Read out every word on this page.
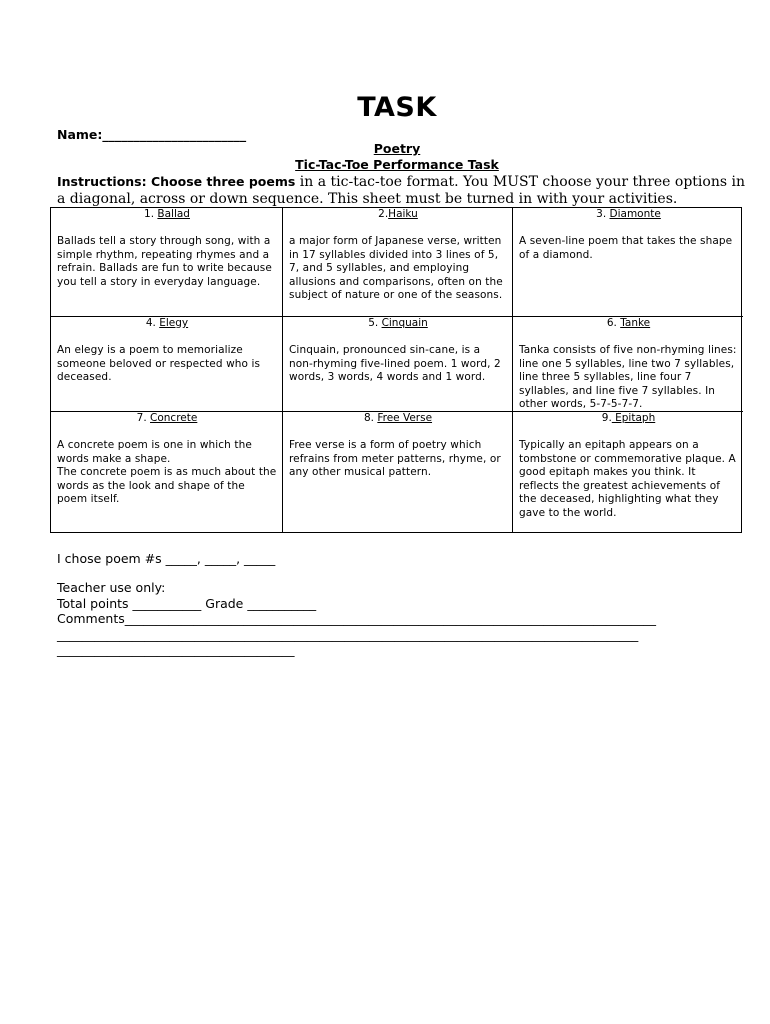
TASK
Name:_______________________
Poetry
Tic-Tac-Toe Performance Task
Instructions: Choose three poems in a tic-tac-toe format. You MUST choose your three options in a diagonal, across or down sequence. This sheet must be turned in with your activities.
1. Ballad
Ballads tell a story through song, with a simple rhythm, repeating rhymes and a refrain. Ballads are fun to write because you tell a story in everyday language.
2.Haiku
a major form of Japanese verse, written in 17 syllables divided into 3 lines of 5, 7, and 5 syllables, and employing allusions and comparisons, often on the subject of nature or one of the seasons.
3. Diamonte
A seven-line poem that takes the shape of a diamond.
4. Elegy
An elegy is a poem to memorialize someone beloved or respected who is deceased.
5. Cinquain
Cinquain, pronounced sin-cane, is a non-rhyming five-lined poem. 1 word, 2 words, 3 words, 4 words and 1 word.
6. Tanke
Tanka consists of five non-rhyming lines: line one 5 syllables, line two 7 syllables, line three 5 syllables, line four 7 syllables, and line five 7 syllables. In other words, 5-7-5-7-7.
7. Concrete
A concrete poem is one in which the words make a shape.
The concrete poem is as much about the words as the look and shape of the poem itself.
8. Free Verse
Free verse is a form of poetry which refrains from meter patterns, rhyme, or any other musical pattern.
9. Epitaph
Typically an epitaph appears on a tombstone or commemorative plaque. A good epitaph makes you think. It reflects the greatest achievements of the deceased, highlighting what they gave to the world.
I chose poem #s _____, _____, _____
Teacher use only:
Total points ___________ Grade ___________
Comments_____________________________________________________________________________________
_____________________________________________________________________________________________
______________________________________
